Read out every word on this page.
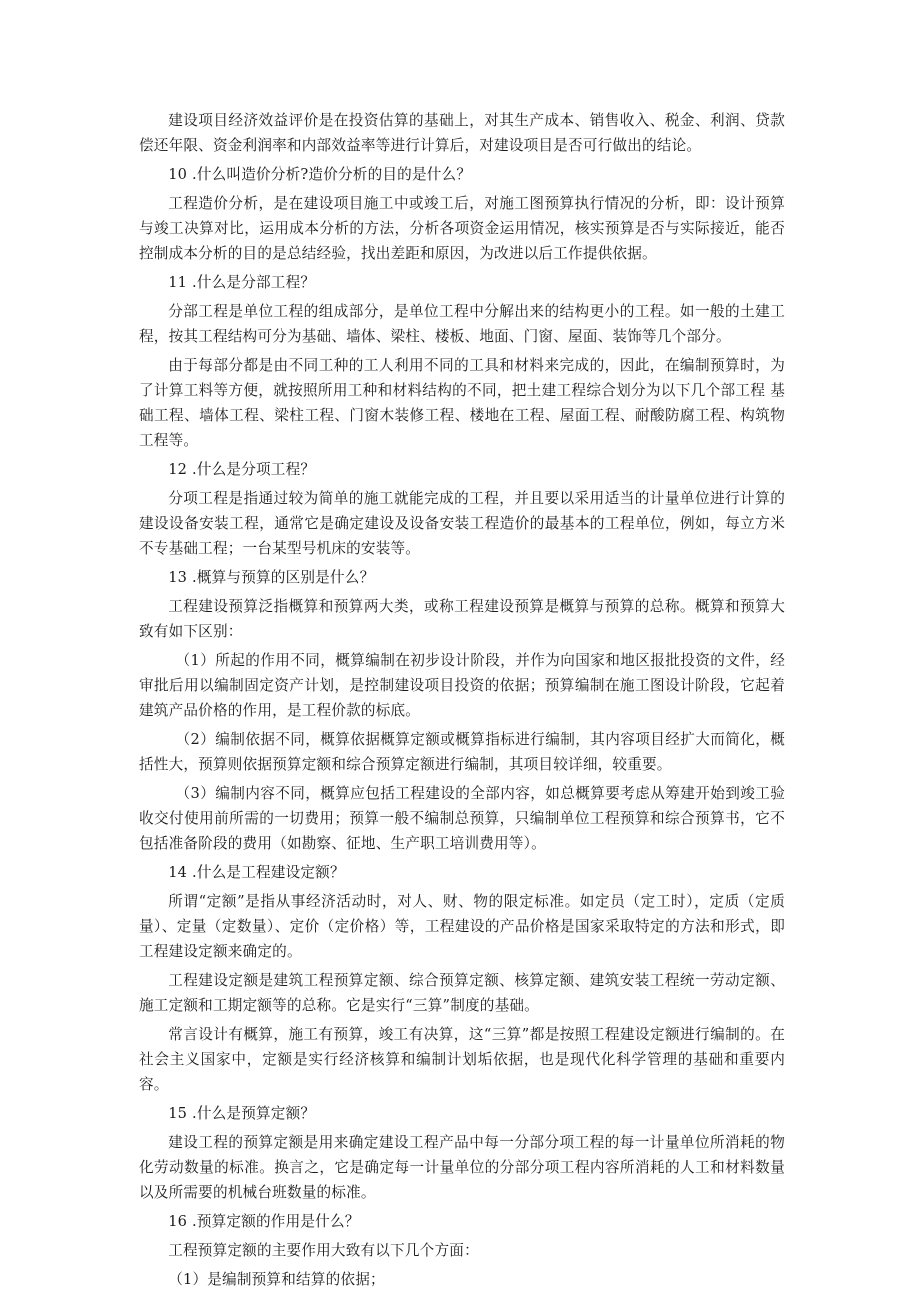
建设项目经济效益评价是在投资估算的基础上，对其生产成本、销售收入、税金、利润、贷款偿还年限、资金利润率和内部效益率等进行计算后，对建设项目是否可行做出的结论。

10 .什么叫造价分析?造价分析的目的是什么？

工程造价分析，是在建设项目施工中或竣工后，对施工图预算执行情况的分析，即：设计预算与竣工决算对比，运用成本分析的方法，分析各项资金运用情况，核实预算是否与实际接近，能否控制成本分析的目的是总结经验，找出差距和原因，为改进以后工作提供依据。

11 .什么是分部工程？

分部工程是单位工程的组成部分，是单位工程中分解出来的结构更小的工程。如一般的土建工程，按其工程结构可分为基础、墙体、梁柱、楼板、地面、门窗、屋面、装饰等几个部分。

由于每部分都是由不同工种的工人利用不同的工具和材料来完成的，因此，在编制预算时，为了计算工料等方便，就按照所用工种和材料结构的不同，把土建工程综合划分为以下几个部工程 基础工程、墙体工程、梁柱工程、门窗木装修工程、楼地在工程、屋面工程、耐酸防腐工程、构筑物工程等。

12 .什么是分项工程？

分项工程是指通过较为简单的施工就能完成的工程，并且要以采用适当的计量单位进行计算的建设设备安装工程，通常它是确定建设及设备安装工程造价的最基本的工程单位，例如，每立方米不专基础工程；一台某型号机床的安装等。

13 .概算与预算的区别是什么？

工程建设预算泛指概算和预算两大类，或称工程建设预算是概算与预算的总称。概算和预算大致有如下区别：

（1）所起的作用不同，概算编制在初步设计阶段，并作为向国家和地区报批投资的文件，经审批后用以编制固定资产计划，是控制建设项目投资的依据；预算编制在施工图设计阶段，它起着建筑产品价格的作用，是工程价款的标底。

（2）编制依据不同，概算依据概算定额或概算指标进行编制，其内容项目经扩大而简化，概括性大，预算则依据预算定额和综合预算定额进行编制，其项目较详细，较重要。

（3）编制内容不同，概算应包括工程建设的全部内容，如总概算要考虑从筹建开始到竣工验收交付使用前所需的一切费用；预算一般不编制总预算，只编制单位工程预算和综合预算书，它不包括准备阶段的费用（如勘察、征地、生产职工培训费用等）。

14 .什么是工程建设定额？

所谓“定额”是指从事经济活动时，对人、财、物的限定标准。如定员（定工时），定质（定质量）、定量（定数量）、定价（定价格）等，工程建设的产品价格是国家采取特定的方法和形式，即工程建设定额来确定的。

工程建设定额是建筑工程预算定额、综合预算定额、核算定额、建筑安装工程统一劳动定额、施工定额和工期定额等的总称。它是实行“三算”制度的基础。

常言设计有概算，施工有预算，竣工有决算，这“三算”都是按照工程建设定额进行编制的。在社会主义国家中，定额是实行经济核算和编制计划垢依据，也是现代化科学管理的基础和重要内容。

15 .什么是预算定额？

建设工程的预算定额是用来确定建设工程产品中每一分部分项工程的每一计量单位所消耗的物化劳动数量的标准。换言之，它是确定每一计量单位的分部分项工程内容所消耗的人工和材料数量以及所需要的机械台班数量的标准。

16 .预算定额的作用是什么？

工程预算定额的主要作用大致有以下几个方面：

（1）是编制预算和结算的依据；
